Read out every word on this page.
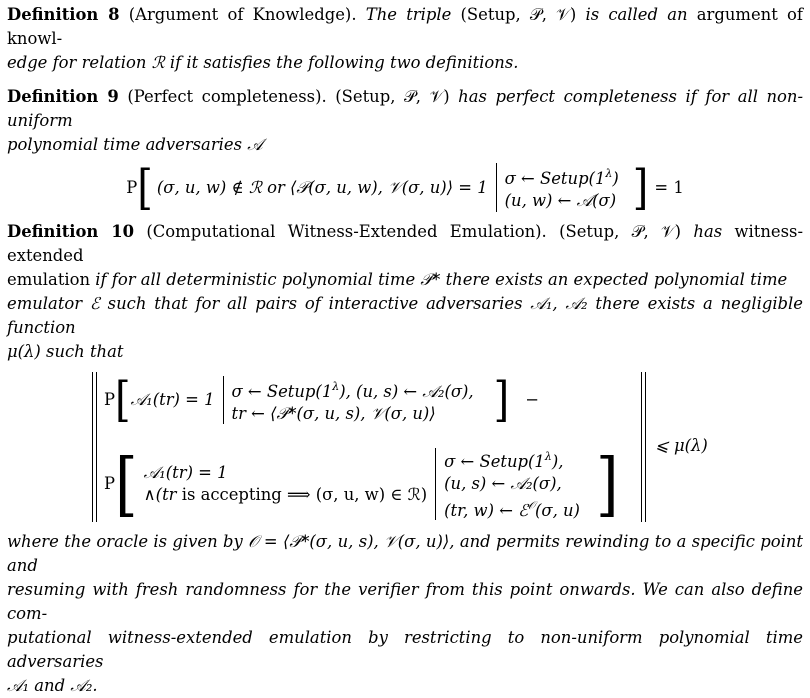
Definition 8 (Argument of Knowledge). The triple (Setup, 𝒫, 𝒱) is called an argument of knowl-
edge for relation ℛ if it satisfies the following two definitions.

Definition 9 (Perfect completeness). (Setup, 𝒫, 𝒱) has perfect completeness if for all non-uniform
polynomial time adversaries 𝒜

P [ (σ, u, w) ∉ ℛ or ⟨𝒫(σ, u, w), 𝒱(σ, u)⟩ = 1 σ ← $Setup(1^\lambda)$
(u, w) ← 𝒜(σ) ] = 1

Definition 10 (Computational Witness-Extended Emulation). (Setup, 𝒫, 𝒱) has witness-extended
emulation if for all deterministic polynomial time 𝒫* there exists an expected polynomial time
emulator ℰ such that for all pairs of interactive adversaries 𝒜₁, 𝒜₂ there exists a negligible function
μ(λ) such that

P [ 𝒜₁(tr) = 1 σ ← $Setup(1^\lambda)$, (u, s) ← 𝒜₂(σ),
tr ← ⟨𝒫*(σ, u, s), 𝒱(σ, u)⟩	] −
P [ 𝒜₁(tr) = 1
∧(tr is accepting ⟹ (σ, u, w) ∈ ℛ)
σ ← $Setup(1^\lambda)$,
(u, s) ← 𝒜₂(σ),
(tr, w) ← ℰ$^𝒪$(σ, u) ] ⩽ μ(λ)

where the oracle is given by 𝒪 = ⟨𝒫*(σ, u, s), 𝒱(σ, u)⟩, and permits rewinding to a specific point and
resuming with fresh randomness for the verifier from this point onwards. We can also define com-
putational witness-extended emulation by restricting to non-uniform polynomial time adversaries
𝒜₁ and 𝒜₂.
